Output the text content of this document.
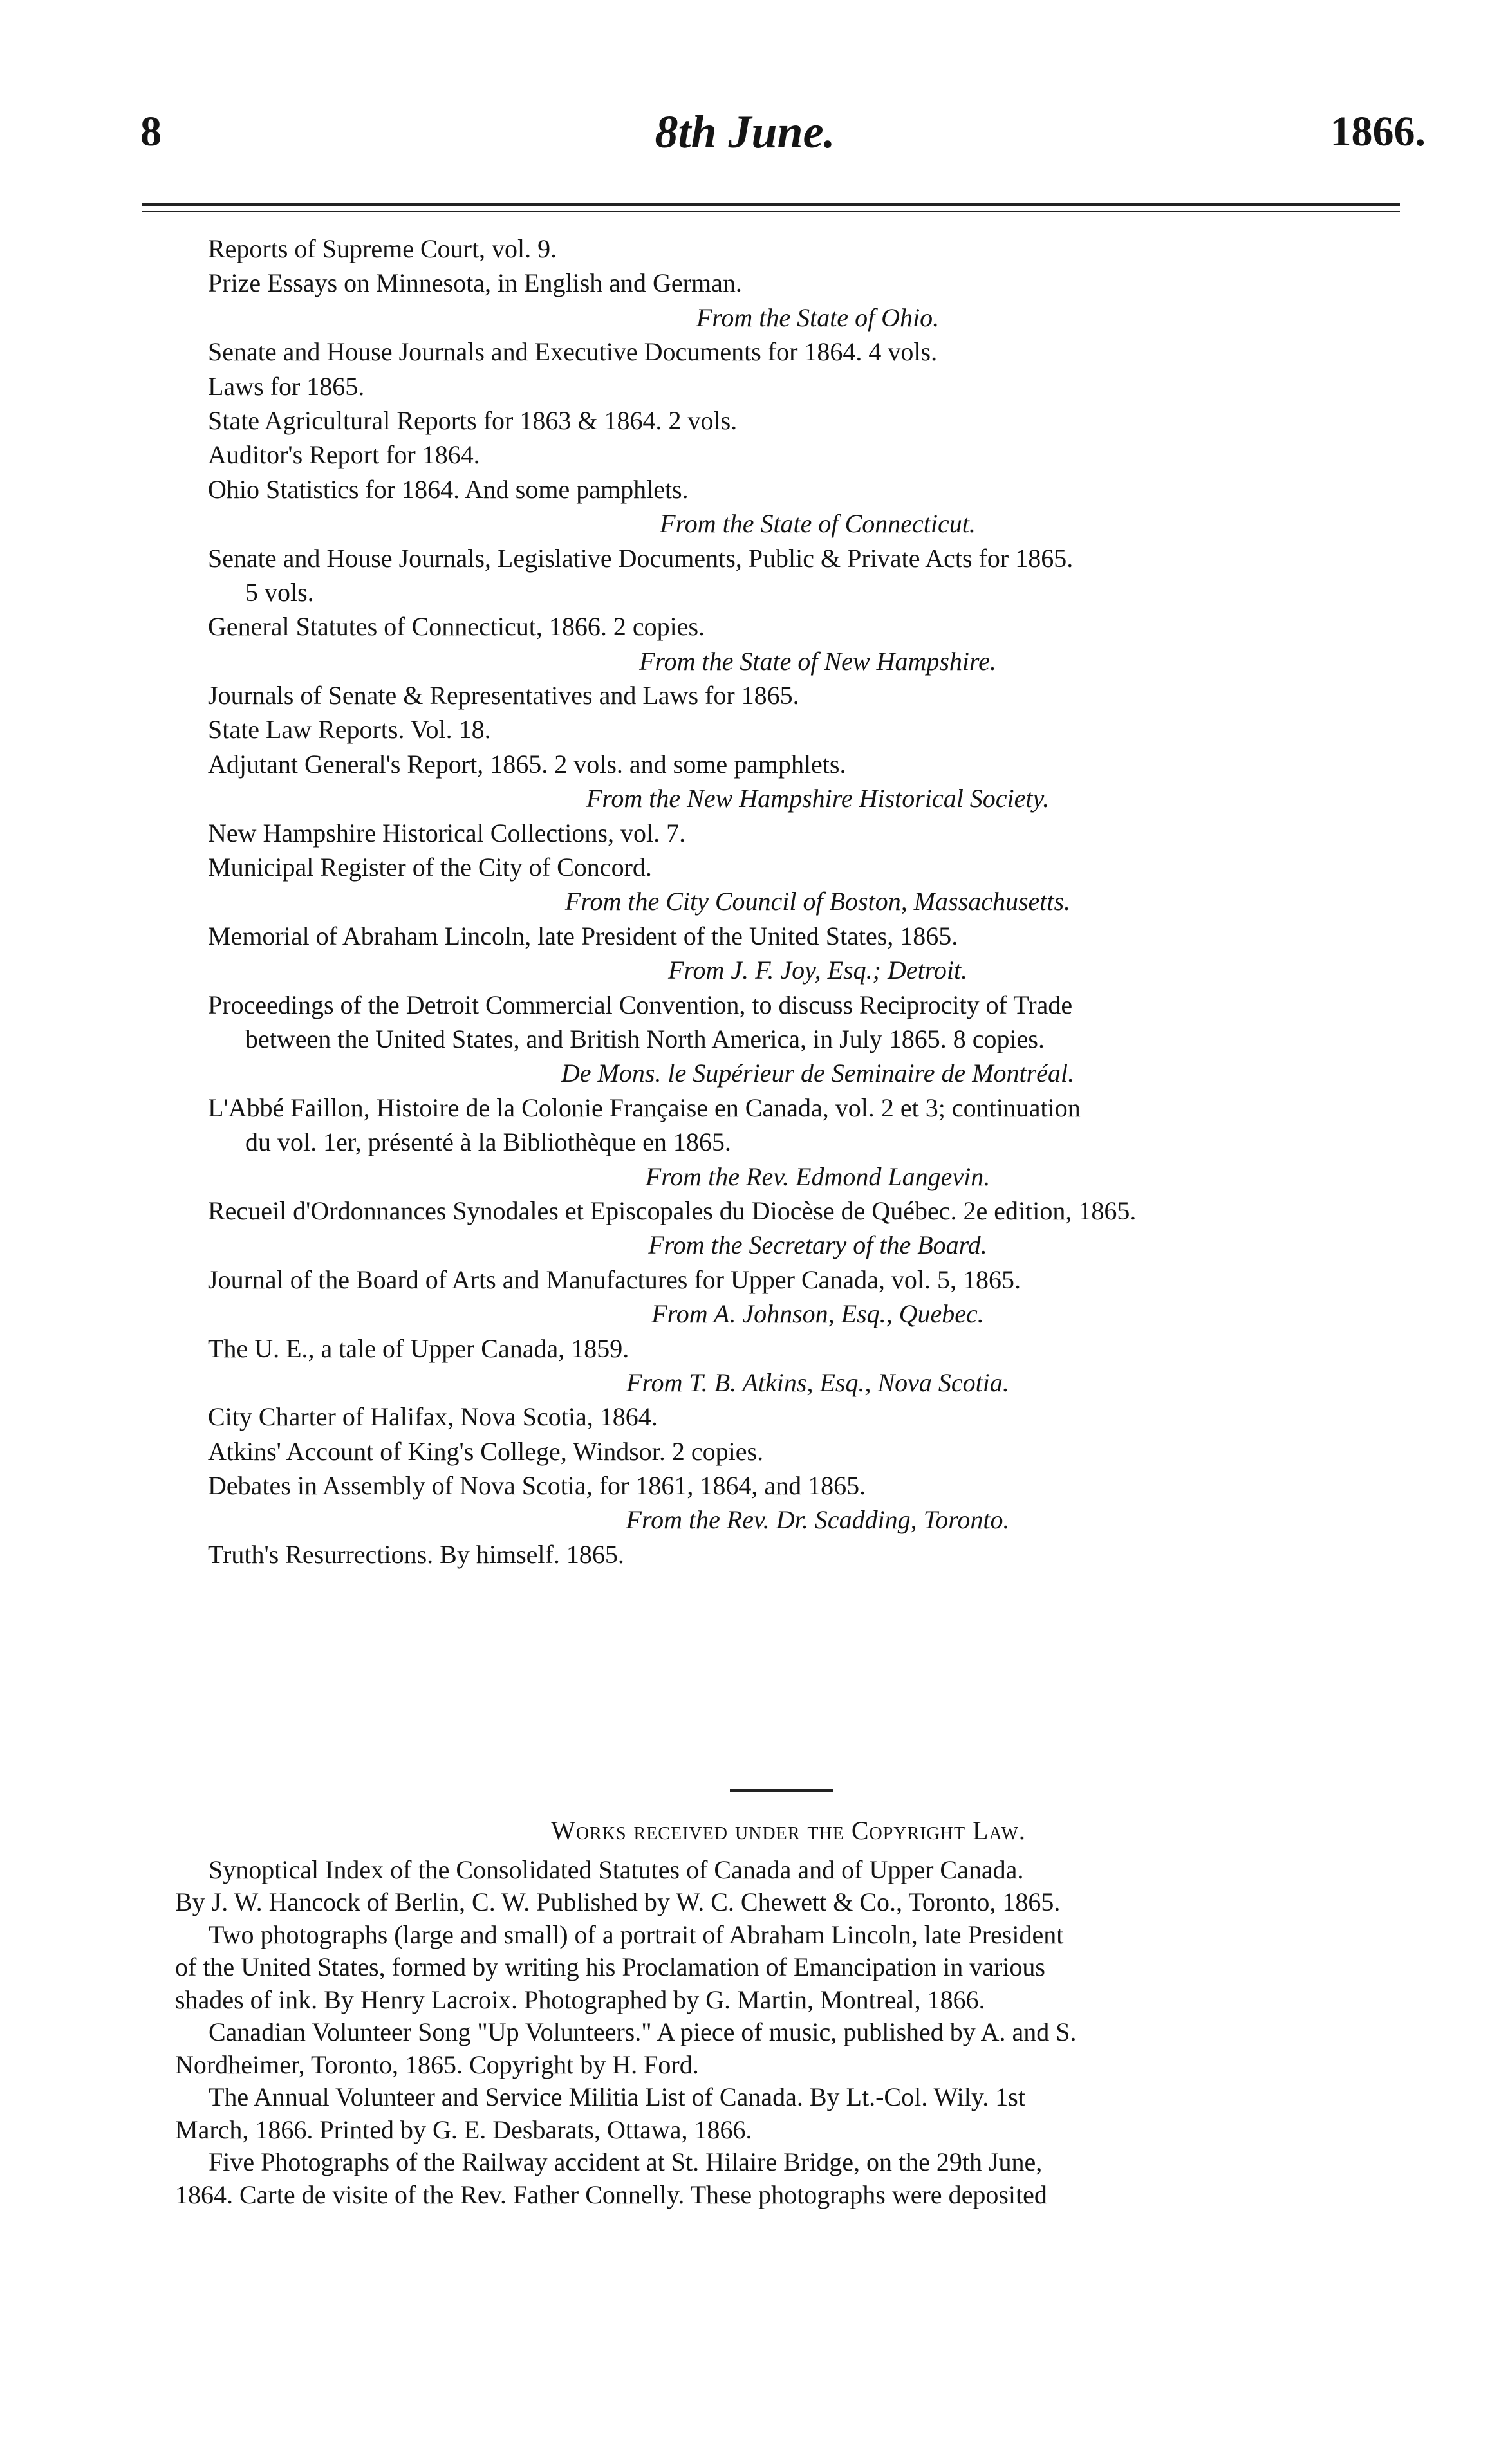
8	8th June.	1866.
Reports of Supreme Court, vol. 9.
Prize Essays on Minnesota, in English and German.
From the State of Ohio.
Senate and House Journals and Executive Documents for 1864. 4 vols.
Laws for 1865.
State Agricultural Reports for 1863 & 1864. 2 vols.
Auditor's Report for 1864.
Ohio Statistics for 1864. And some pamphlets.
From the State of Connecticut.
Senate and House Journals, Legislative Documents, Public & Private Acts for 1865.
5 vols.
General Statutes of Connecticut, 1866. 2 copies.
From the State of New Hampshire.
Journals of Senate & Representatives and Laws for 1865.
State Law Reports. Vol. 18.
Adjutant General's Report, 1865. 2 vols. and some pamphlets.
From the New Hampshire Historical Society.
New Hampshire Historical Collections, vol. 7.
Municipal Register of the City of Concord.
From the City Council of Boston, Massachusetts.
Memorial of Abraham Lincoln, late President of the United States, 1865.
From J. F. Joy, Esq.; Detroit.
Proceedings of the Detroit Commercial Convention, to discuss Reciprocity of Trade
between the United States, and British North America, in July 1865. 8 copies.
De Mons. le Supérieur de Seminaire de Montréal.
L'Abbé Faillon, Histoire de la Colonie Française en Canada, vol. 2 et 3; continuation
du vol. 1er, présenté à la Bibliothèque en 1865.
From the Rev. Edmond Langevin.
Recueil d'Ordonnances Synodales et Episcopales du Diocèse de Québec. 2e edition, 1865.
From the Secretary of the Board.
Journal of the Board of Arts and Manufactures for Upper Canada, vol. 5, 1865.
From A. Johnson, Esq., Quebec.
The U. E., a tale of Upper Canada, 1859.
From T. B. Atkins, Esq., Nova Scotia.
City Charter of Halifax, Nova Scotia, 1864.
Atkins' Account of King's College, Windsor. 2 copies.
Debates in Assembly of Nova Scotia, for 1861, 1864, and 1865.
From the Rev. Dr. Scadding, Toronto.
Truth's Resurrections. By himself. 1865.
Works received under the Copyright Law.
Synoptical Index of the Consolidated Statutes of Canada and of Upper Canada.
By J. W. Hancock of Berlin, C. W. Published by W. C. Chewett & Co., Toronto, 1865.
Two photographs (large and small) of a portrait of Abraham Lincoln, late President
of the United States, formed by writing his Proclamation of Emancipation in various
shades of ink. By Henry Lacroix. Photographed by G. Martin, Montreal, 1866.
Canadian Volunteer Song "Up Volunteers." A piece of music, published by A. and S.
Nordheimer, Toronto, 1865. Copyright by H. Ford.
The Annual Volunteer and Service Militia List of Canada. By Lt.-Col. Wily. 1st
March, 1866. Printed by G. E. Desbarats, Ottawa, 1866.
Five Photographs of the Railway accident at St. Hilaire Bridge, on the 29th June,
1864. Carte de visite of the Rev. Father Connelly. These photographs were deposited
